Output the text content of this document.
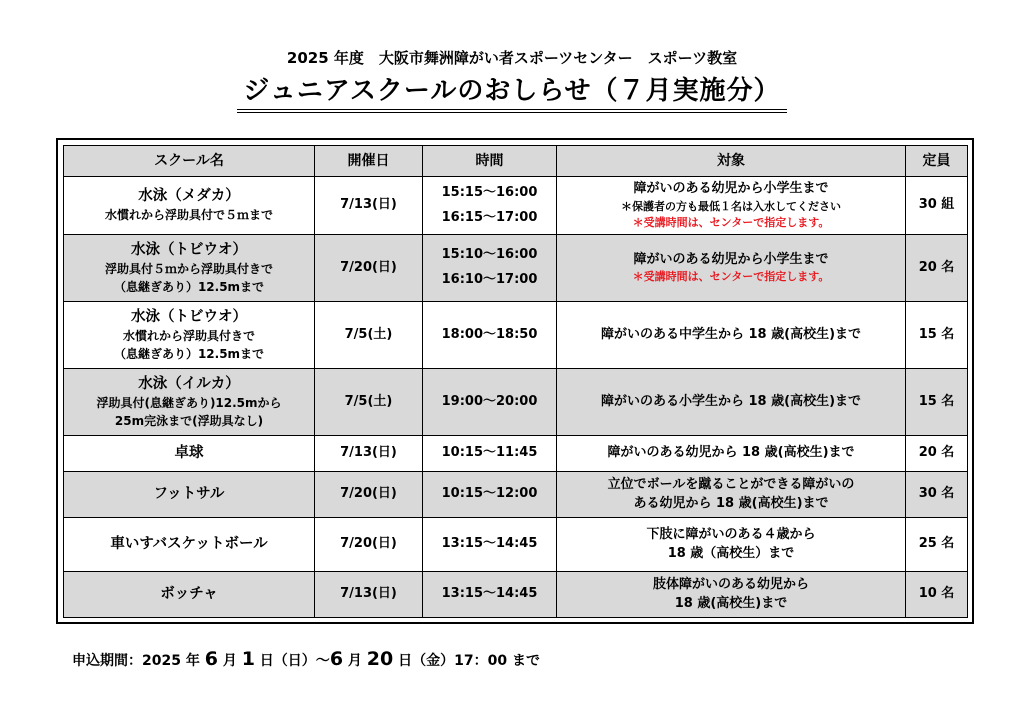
2025 年度　大阪市舞洲障がい者スポーツセンター　スポーツ教室
ジュニアスクールのおしらせ（７月実施分）
スクール名	開催日	時間	対象	定員

水泳（メダカ）
水慣れから浮助具付で５ｍまで	7/13(日)	15:15～16:00
16:15～17:00	障がいのある幼児から小学生まで
＊保護者の方も最低１名は入水してください
＊受講時間は、センターで指定します。	30 組

水泳（トビウオ）
浮助具付５ｍから浮助具付きで
（息継ぎあり）12.5mまで	7/20(日)	15:10～16:00
16:10～17:00	障がいのある幼児から小学生まで
＊受講時間は、センターで指定します。	20 名

水泳（トビウオ）
水慣れから浮助具付きで
（息継ぎあり）12.5mまで	7/5(土)	18:00～18:50	障がいのある中学生から 18 歳(高校生)まで	15 名

水泳（イルカ）
浮助具付(息継ぎあり)12.5mから
25m完泳まで(浮助具なし)	7/5(土)	19:00～20:00	障がいのある小学生から 18 歳(高校生)まで	15 名

卓球	7/13(日)	10:15～11:45	障がいのある幼児から 18 歳(高校生)まで	20 名

フットサル	7/20(日)	10:15～12:00	立位でボールを蹴ることができる障がいの
ある幼児から 18 歳(高校生)まで	30 名

車いすバスケットボール	7/20(日)	13:15～14:45	下肢に障がいのある４歳から
18 歳（高校生）まで	25 名

ボッチャ	7/13(日)	13:15～14:45	肢体障がいのある幼児から
18 歳(高校生)まで	10 名
申込期間：2025 年 6 月 1 日（日）～6 月 20 日（金）17：00 まで
